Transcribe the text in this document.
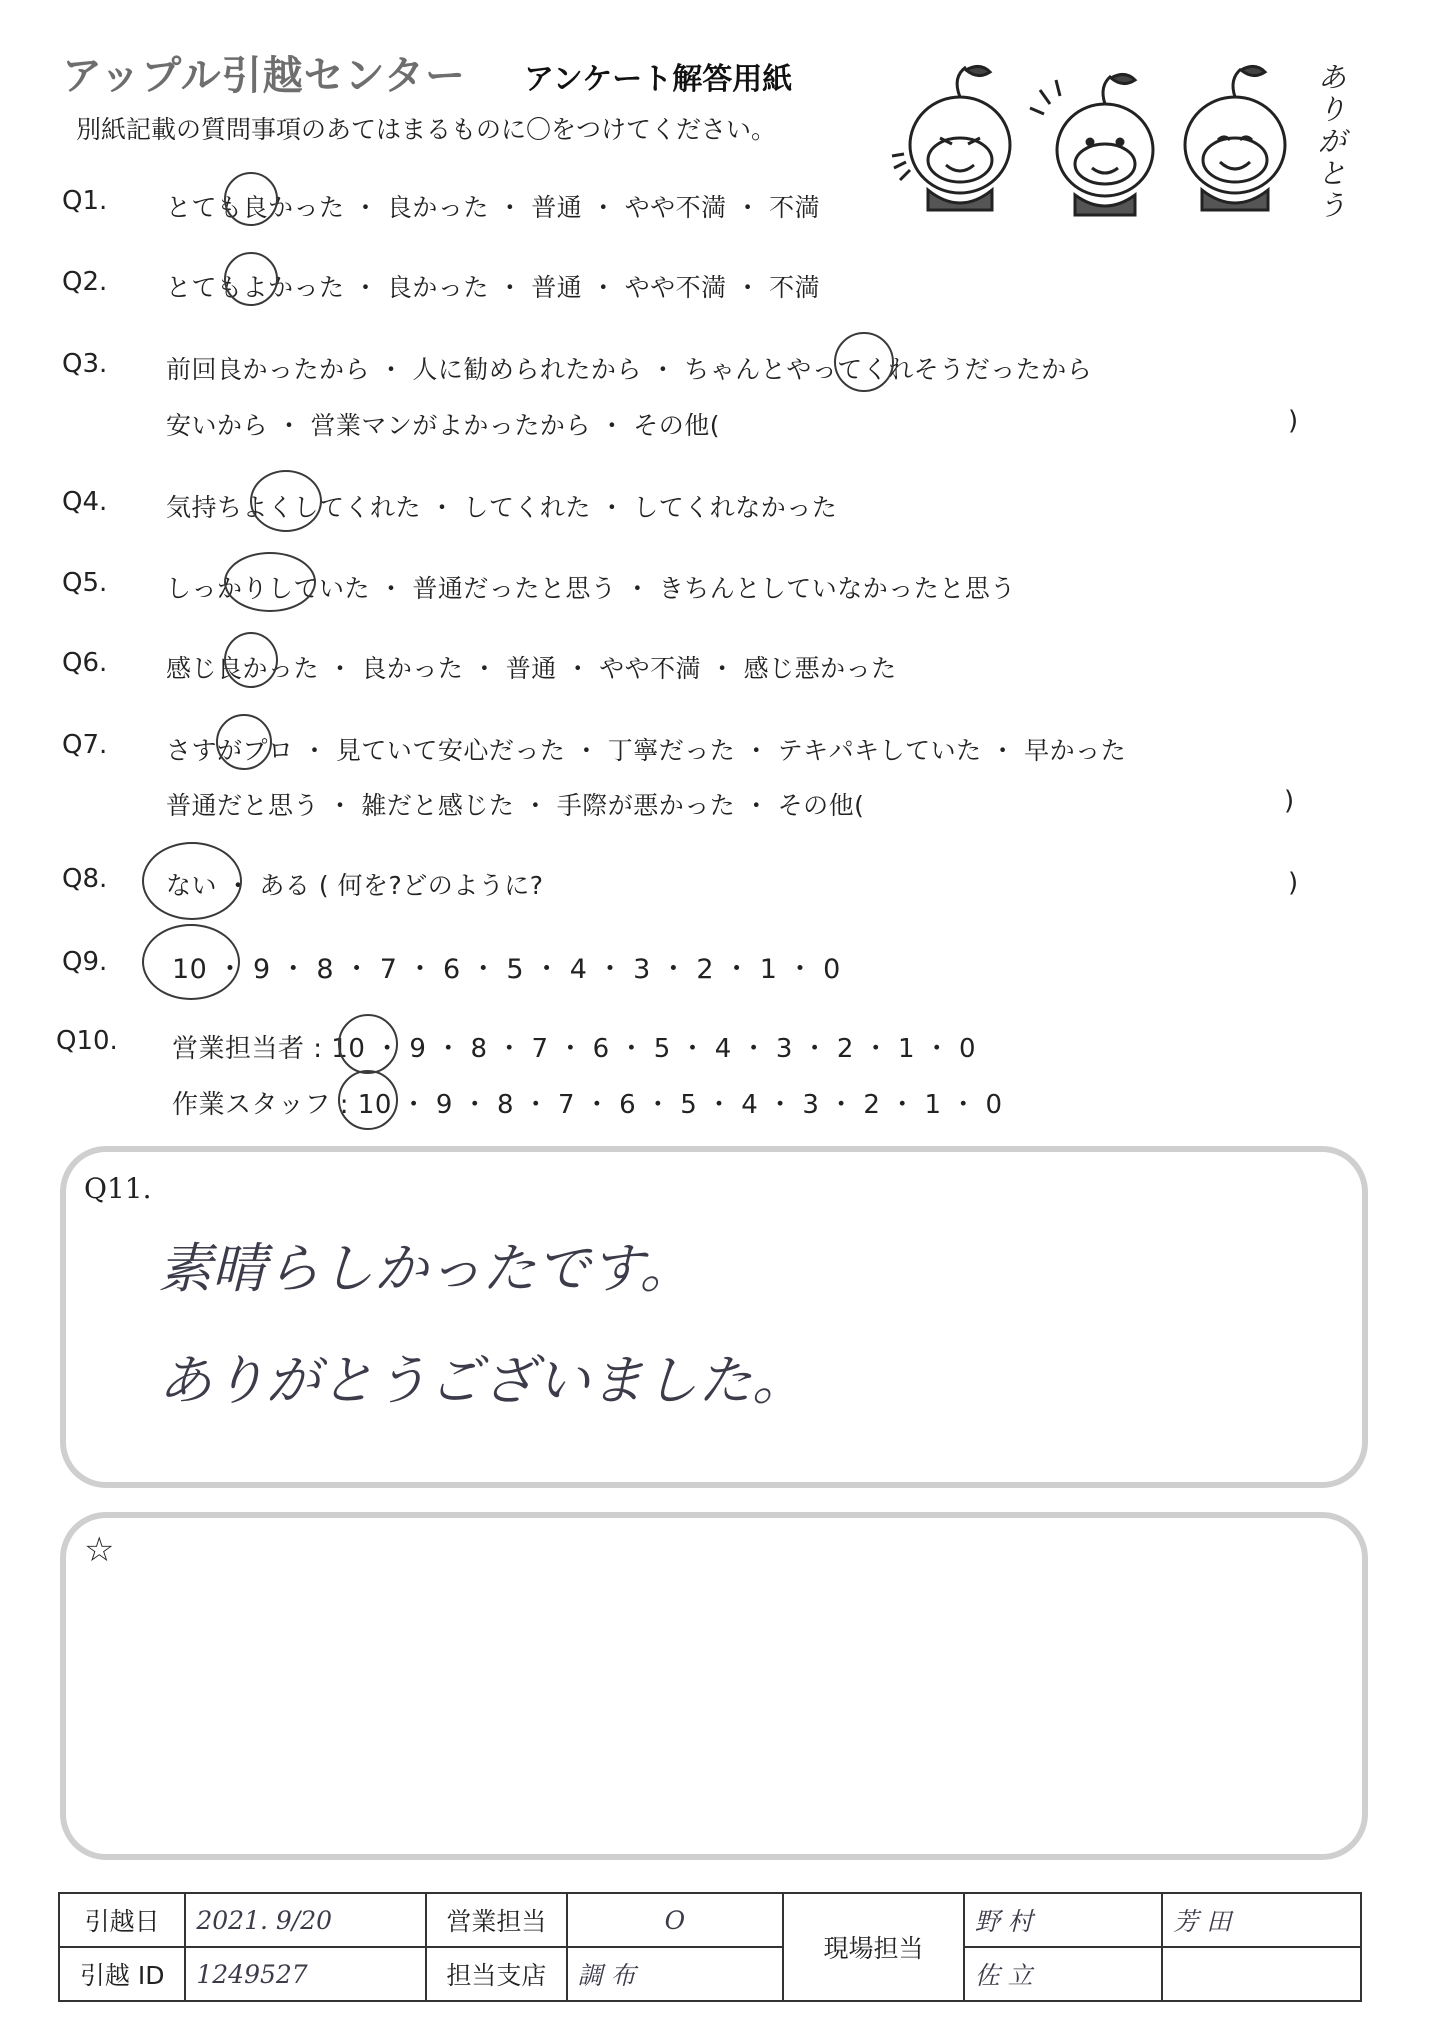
アップル引越センター アンケート解答用紙
別紙記載の質問事項のあてはまるものに〇をつけてください。
ありがとう
Q1. とても良かった ・ 良かった ・ 普通 ・ やや不満 ・ 不満
Q2. とてもよかった ・ 良かった ・ 普通 ・ やや不満 ・ 不満
Q3. 前回良かったから ・ 人に勧められたから ・ ちゃんとやってくれそうだったから
安いから ・ 営業マンがよかったから ・ その他(	)
Q4. 気持ちよくしてくれた ・ してくれた ・ してくれなかった
Q5. しっかりしていた ・ 普通だったと思う ・ きちんとしていなかったと思う
Q6. 感じ良かった ・ 良かった ・ 普通 ・ やや不満 ・ 感じ悪かった
Q7. さすがプロ ・ 見ていて安心だった ・ 丁寧だった ・ テキパキしていた ・ 早かった
普通だと思う ・ 雑だと感じた ・ 手際が悪かった ・ その他(	)
Q8. ない ・ ある ( 何を?どのように?	)
Q9. 10 ・ 9 ・ 8 ・ 7 ・ 6 ・ 5 ・ 4 ・ 3 ・ 2 ・ 1 ・ 0
Q10. 営業担当者 : 10 ・ 9 ・ 8 ・ 7 ・ 6 ・ 5 ・ 4 ・ 3 ・ 2 ・ 1 ・ 0
作業スタッフ : 10 ・ 9 ・ 8 ・ 7 ・ 6 ・ 5 ・ 4 ・ 3 ・ 2 ・ 1 ・ 0
Q11.
素晴らしかったです。
ありがとうございました。
☆
引越日	2021. 9/20	営業担当	O	現場担当	野 村	芳 田
引越 ID	1249527	担当支店	調 布		佐 立	
